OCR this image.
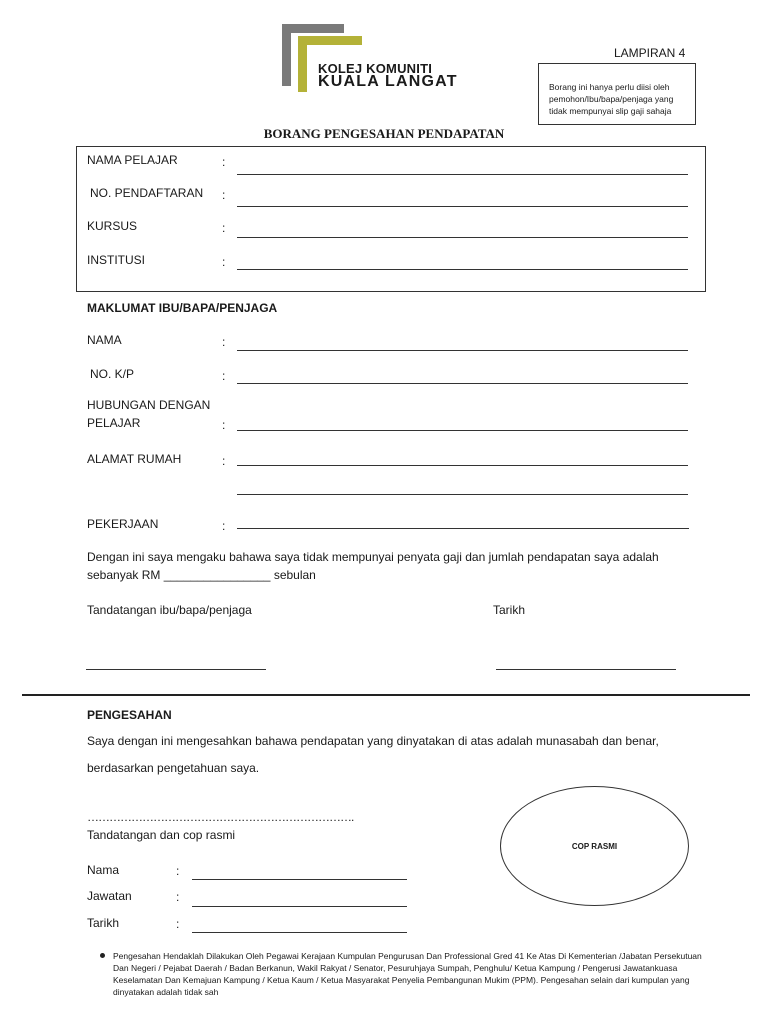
KOLEJ KOMUNITI
KUALA LANGAT
LAMPIRAN 4
Borang ini hanya perlu diisi oleh
pemohon/Ibu/bapa/penjaga yang
tidak mempunyai slip gaji sahaja
BORANG PENGESAHAN PENDAPATAN
NAMA PELAJAR	:
NO. PENDAFTARAN :
KURSUS	:
INSTITUSI	:
MAKLUMAT IBU/BAPA/PENJAGA
NAMA	:
NO. K/P	:
HUBUNGAN DENGAN
PELAJAR	:
ALAMAT RUMAH	:
PEKERJAAN	:
Dengan ini saya mengaku bahawa saya tidak mempunyai penyata gaji dan jumlah pendapatan saya adalah
sebanyak RM ________________ sebulan
Tandatangan ibu/bapa/penjaga	Tarikh
PENGESAHAN
Saya dengan ini mengesahkan bahawa pendapatan yang dinyatakan di atas adalah munasabah dan benar,
berdasarkan pengetahuan saya.
……………………………………………………………….
Tandatangan dan cop rasmi
Nama	:
Jawatan	:
Tarikh	:
COP RASMI
Pengesahan Hendaklah Dilakukan Oleh Pegawai Kerajaan Kumpulan Pengurusan Dan Professional Gred 41 Ke Atas Di Kementerian /Jabatan Persekutuan Dan Negeri / Pejabat Daerah / Badan Berkanun, Wakil Rakyat / Senator, Pesuruhjaya Sumpah, Penghulu/ Ketua Kampung / Pengerusi Jawatankuasa Keselamatan Dan Kemajuan Kampung / Ketua Kaum / Ketua Masyarakat Penyelia Pembangunan Mukim (PPM). Pengesahan selain dari kumpulan yang dinyatakan adalah tidak sah
